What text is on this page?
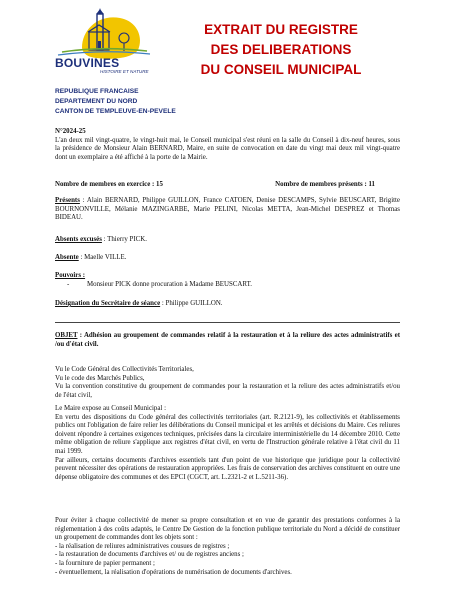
BOUVINES
HISTOIRE ET NATURE
EXTRAIT DU REGISTRE
DES DELIBERATIONS
DU CONSEIL MUNICIPAL
REPUBLIQUE FRANCAISE
DEPARTEMENT DU NORD
CANTON DE TEMPLEUVE-EN-PEVELE
N°2024-25
L'an deux mil vingt-quatre, le vingt-huit mai, le Conseil municipal s'est réuni en la salle du Conseil à dix-neuf heures, sous la présidence de Monsieur Alain BERNARD, Maire, en suite de convocation en date du vingt mai deux mil vingt-quatre dont un exemplaire a été affiché à la porte de la Mairie.
Nombre de membres en exercice : 15	Nombre de membres présents : 11
Présents : Alain BERNARD, Philippe GUILLON, France CATOEN, Denise DESCAMPS, Sylvie BEUSCART, Brigitte BOURNONVILLE, Mélanie MAZINGARBE, Marie PELINI, Nicolas METTA, Jean-Michel DESPREZ et Thomas BIDEAU.
Absents excusés : Thierry PICK.
Absente : Maelle VILLE.
Pouvoirs :
-	Monsieur PICK donne procuration à Madame BEUSCART.
Désignation du Secrétaire de séance : Philippe GUILLON.
OBJET : Adhésion au groupement de commandes relatif à la restauration et à la reliure des actes administratifs et /ou d'état civil.
Vu le Code Général des Collectivités Territoriales,
Vu le code des Marchés Publics,
Vu la convention constitutive du groupement de commandes pour la restauration et la reliure des actes administratifs et/ou de l'état civil,
Le Maire expose au Conseil Municipal :
En vertu des dispositions du Code général des collectivités territoriales (art. R.2121-9), les collectivités et établissements publics ont l'obligation de faire relier les délibérations du Conseil municipal et les arrêtés et décisions du Maire. Ces reliures doivent répondre à certaines exigences techniques, précisées dans la circulaire interministérielle du 14 décembre 2010. Cette même obligation de reliure s'applique aux registres d'état civil, en vertu de l'Instruction générale relative à l'état civil du 11 mai 1999.
Par ailleurs, certains documents d'archives essentiels tant d'un point de vue historique que juridique pour la collectivité peuvent nécessiter des opérations de restauration appropriées. Les frais de conservation des archives constituent en outre une dépense obligatoire des communes et des EPCI (CGCT, art. L.2321-2 et L.5211-36).
Pour éviter à chaque collectivité de mener sa propre consultation et en vue de garantir des prestations conformes à la réglementation à des coûts adaptés, le Centre De Gestion de la fonction publique territoriale du Nord a décidé de constituer un groupement de commandes dont les objets sont :
- la réalisation de reliures administratives cousues de registres ;
- la restauration de documents d'archives et/ ou de registres anciens ;
- la fourniture de papier permanent ;
- éventuellement, la réalisation d'opérations de numérisation de documents d'archives.
